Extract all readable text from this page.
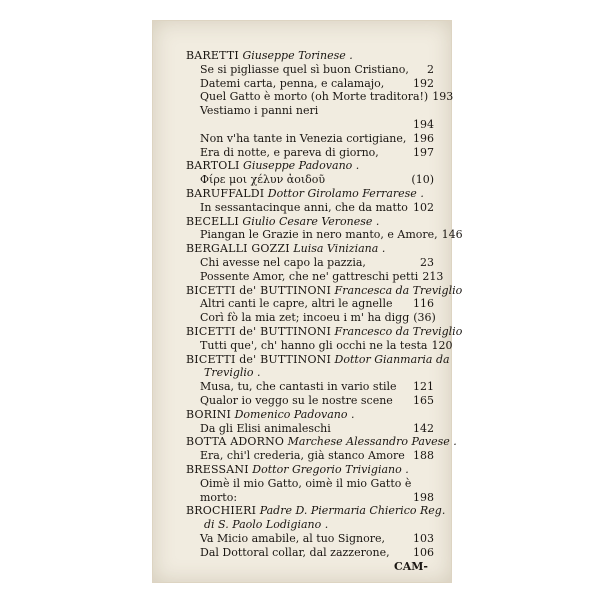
BARETTI Giuseppe Torinese .
Se si pigliasse quel sì buon Cristiano, 2
Datemi carta, penna, e calamajo,	192
Quel Gatto è morto (oh Morte traditora!) 193
Vestiamo i panni neri
194
Non v'ha tante in Venezia cortigiane, 196
Era di notte, e pareva di giorno,	197
BARTOLI Giuseppe Padovano .
Φίρε μοι χέλυν ἀοιδοῦ	(10)
BARUFFALDI Dottor Girolamo Ferrarese .
In sessantacinque anni, che da matto 102
BECELLI Giulio Cesare Veronese .
Piangan le Grazie in nero manto, e Amore, 146
BERGALLI GOZZI Luisa Viniziana .
Chi avesse nel capo la pazzia,	23
Possente Amor, che ne' gattreschi petti 213
BICETTI de' BUTTINONI Francesca da Treviglio
Altri canti le capre, altri le agnelle 116
Corì fò la mia zet; incoeu i m' ha digg (36)
BICETTI de' BUTTINONI Francesco da Treviglio
Tutti que', ch' hanno gli occhi ne la testa 120
BICETTI de' BUTTINONI Dottor Gianmaria da
Treviglio .
Musa, tu, che cantasti in vario stile 121
Qualor io veggo su le nostre scene 165
BORINI Domenico Padovano .
Da gli Elisi animaleschi	142
BOTTA ADORNO Marchese Alessandro Pavese .
Era, chi'l crederia, già stanco Amore 188
BRESSANI Dottor Gregorio Trivigiano .
Oimè il mio Gatto, oimè il mio Gatto è
morto:	198
BROCHIERI Padre D. Piermaria Chierico Reg.
di S. Paolo Lodigiano .
Va Micio amabile, al tuo Signore,	103
Dal Dottoral collar, dal zazzerone, 106
CAM-
